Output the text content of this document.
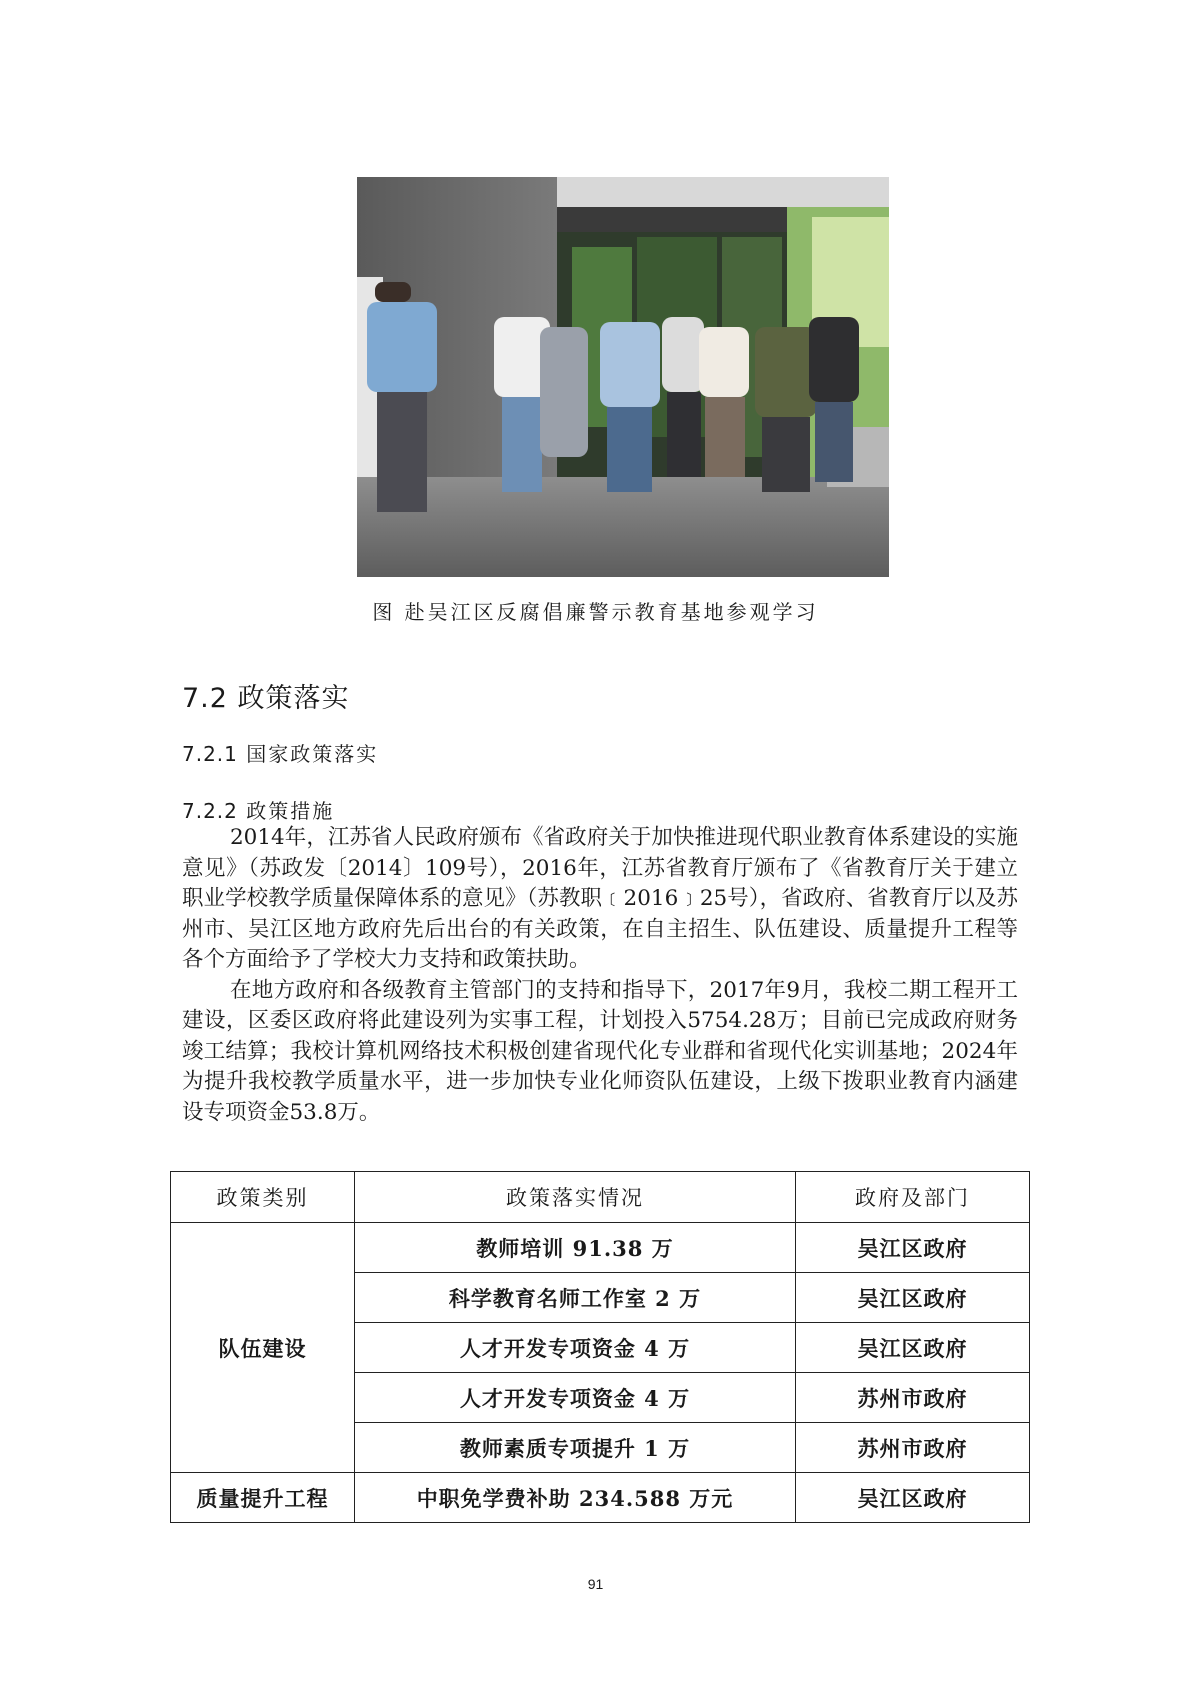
图 赴吴江区反腐倡廉警示教育基地参观学习
7.2 政策落实
7.2.1 国家政策落实
7.2.2 政策措施

2014年，江苏省人民政府颁布《省政府关于加快推进现代职业教育体系建设的实施意见》（苏政发〔2014〕109号），2016年，江苏省教育厅颁布了《省教育厅关于建立职业学校教学质量保障体系的意见》（苏教职﹝2016﹞25号），省政府、省教育厅以及苏州市、吴江区地方政府先后出台的有关政策，在自主招生、队伍建设、质量提升工程等各个方面给予了学校大力支持和政策扶助。

在地方政府和各级教育主管部门的支持和指导下，2017年9月，我校二期工程开工建设，区委区政府将此建设列为实事工程，计划投入5754.28万；目前已完成政府财务竣工结算；我校计算机网络技术积极创建省现代化专业群和省现代化实训基地；2024年为提升我校教学质量水平，进一步加快专业化师资队伍建设，上级下拨职业教育内涵建设专项资金53.8万。

政策类别	政策落实情况	政府及部门
队伍建设	教师培训 91.38 万	吴江区政府
	科学教育名师工作室 2 万	吴江区政府
	人才开发专项资金 4 万	吴江区政府
	人才开发专项资金 4 万	苏州市政府
	教师素质专项提升 1 万	苏州市政府
质量提升工程	中职免学费补助 234.588 万元	吴江区政府
91
